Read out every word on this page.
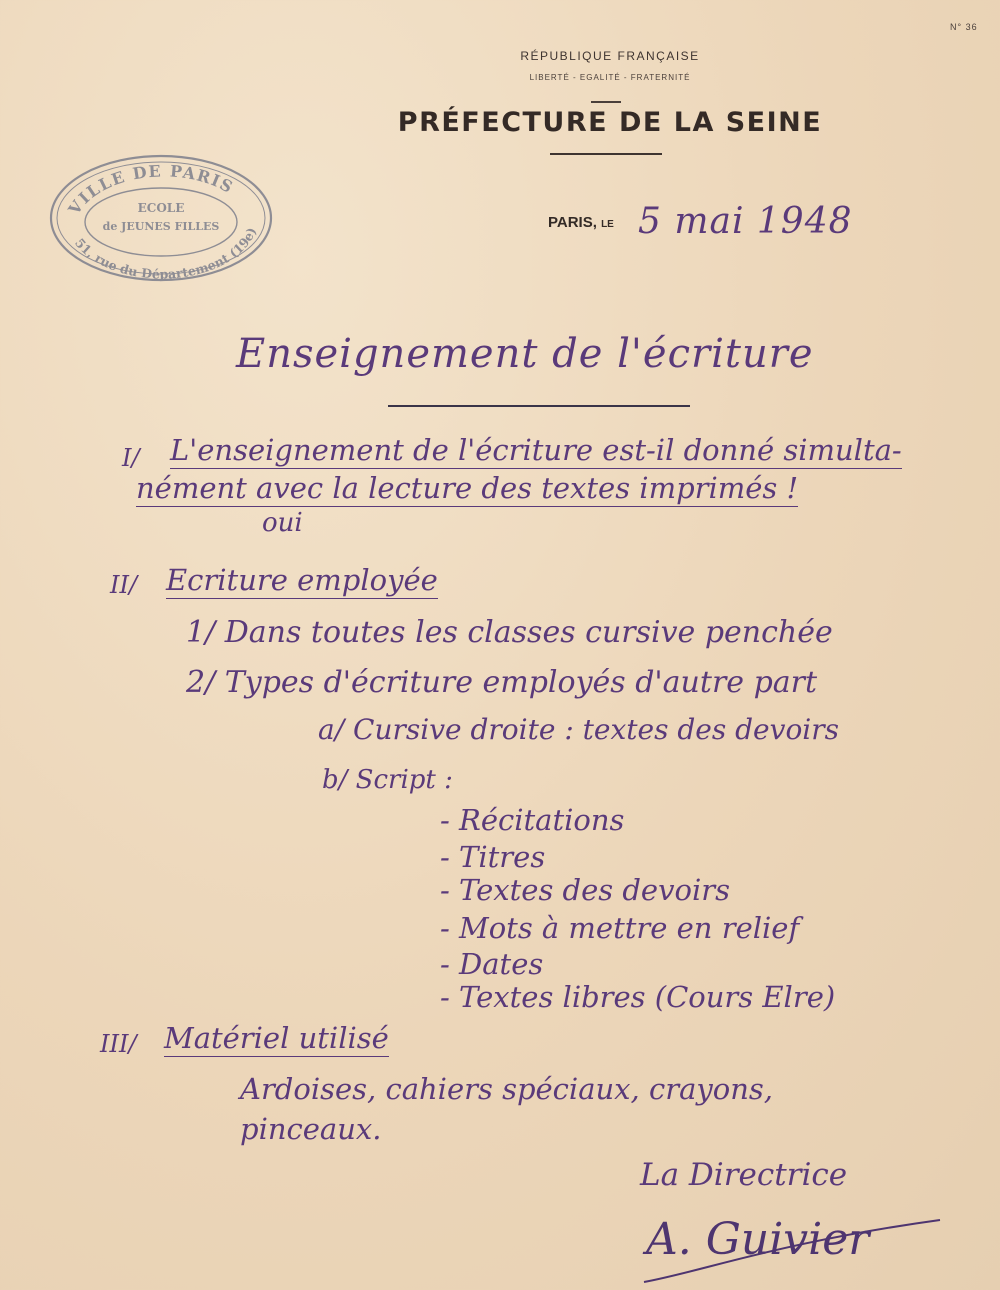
N° 36
RÉPUBLIQUE FRANÇAISE
LIBERTÉ - EGALITÉ - FRATERNITÉ
PRÉFECTURE DE LA SEINE
PARIS, LE
VILLE DE PARIS
ECOLE
de JEUNES FILLES
51, rue du Département (19e)	5 mai 1948
Enseignement de l'écriture
I/ L'enseignement de l'écriture est-il donné simulta-
nément avec la lecture des textes imprimés !
oui
II/ Ecriture employée
1/ Dans toutes les classes cursive penchée
2/ Types d'écriture employés d'autre part
a/ Cursive droite : textes des devoirs
b/ Script :
- Récitations
- Titres
- Textes des devoirs
- Mots à mettre en relief
- Dates
- Textes libres (Cours Elre)
III/ Matériel utilisé
Ardoises, cahiers spéciaux, crayons,
pinceaux.
La Directrice
A. Guivier
